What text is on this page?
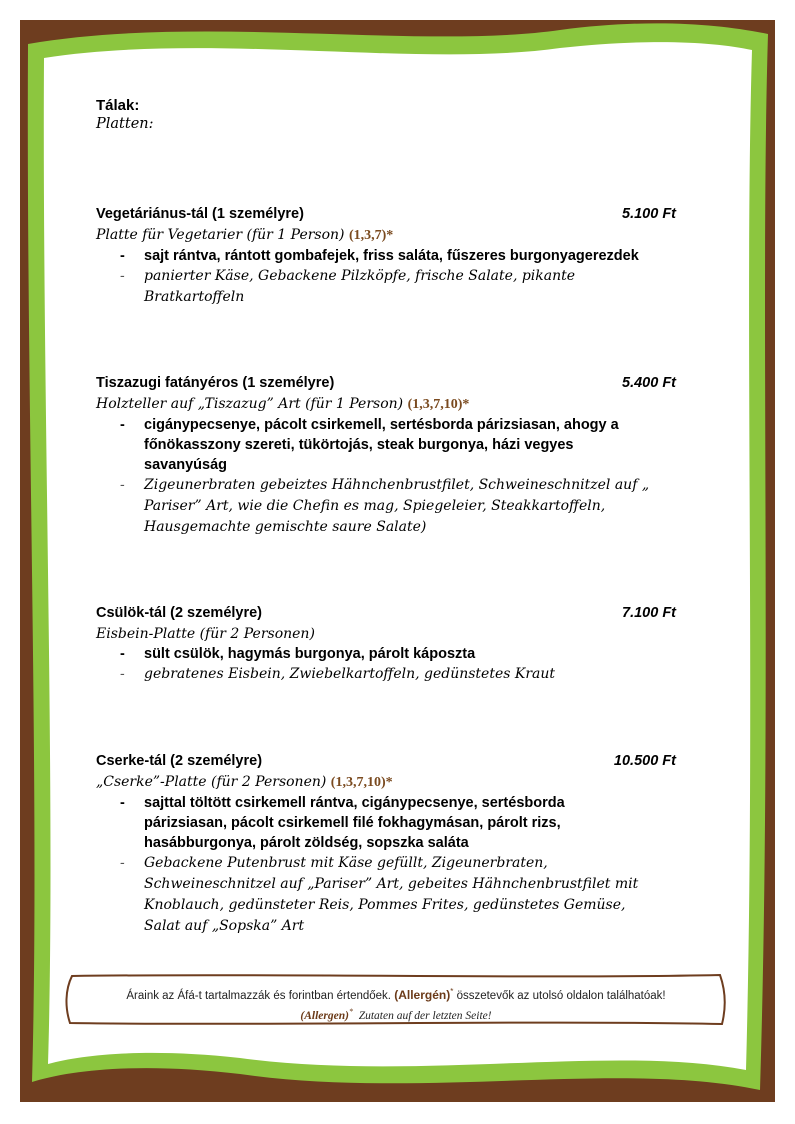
Tálak:

Platten:

Vegetáriánus-tál (1 személyre)	5.100 Ft
Platte für Vegetarier (für 1 Person) (1,3,7)*
- sajt rántva, rántott gombafejek, friss saláta, fűszeres burgonyagerezdek
- panierter Käse, Gebackene Pilzköpfe, frische Salate, pikante
Bratkartoffeln
Tiszazugi fatányéros (1 személyre)	5.400 Ft
Holzteller auf „Tiszazug” Art (für 1 Person) (1,3,7,10)*
- cigánypecsenye, pácolt csirkemell, sertésborda párizsiasan, ahogy a
főnökasszony szereti, tükörtojás, steak burgonya, házi vegyes
savanyúság
- Zigeunerbraten gebeiztes Hähnchenbrustfilet, Schweineschnitzel auf „
Pariser” Art, wie die Chefin es mag, Spiegeleier, Steakkartoffeln,
Hausgemachte gemischte saure Salate)
Csülök-tál (2 személyre)	7.100 Ft
Eisbein-Platte (für 2 Personen)
- sült csülök, hagymás burgonya, párolt káposzta
- gebratenes Eisbein, Zwiebelkartoffeln, gedünstetes Kraut
Cserke-tál (2 személyre)	10.500 Ft
„Cserke”-Platte (für 2 Personen) (1,3,7,10)*
- sajttal töltött csirkemell rántva, cigánypecsenye, sertésborda
párizsiasan, pácolt csirkemell filé fokhagymásan, párolt rizs,
hasábburgonya, párolt zöldség, sopszka saláta
- Gebackene Putenbrust mit Käse gefüllt, Zigeunerbraten,
Schweineschnitzel auf „Pariser” Art, gebeites Hähnchenbrustfilet mit
Knoblauch, gedünsteter Reis, Pommes Frites, gedünstetes Gemüse,
Salat auf „Sopska” Art
Áraink az Áfá-t tartalmazzák és forintban értendőek. (Allergén)* összetevők az utolsó oldalon találhatóak!
(Allergen)* Zutaten auf der letzten Seite!
